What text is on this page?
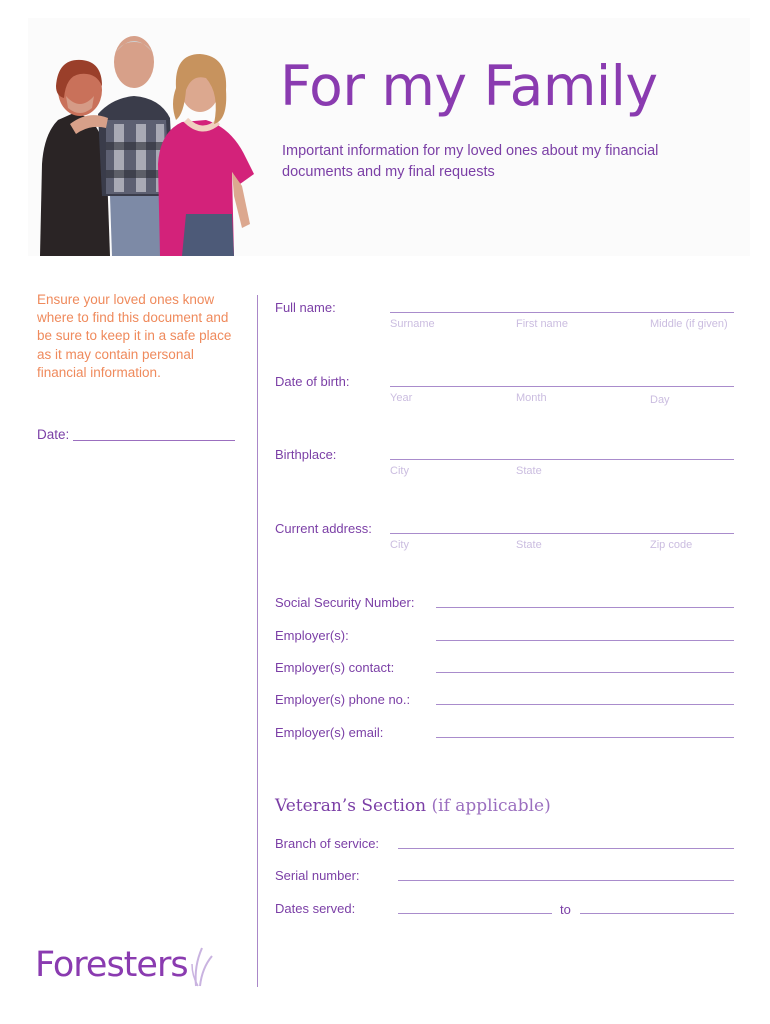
For my Family
Important information for my loved ones about my financial documents and my final requests
Ensure your loved ones know where to find this document and be sure to keep it in a safe place as it may contain personal financial information.
Date:
Full name:
Surname	First name	Middle (if given)
Date of birth:
Year	Month	Day
Birthplace:
City	State
Current address:
City	State	Zip code
Social Security Number:
Employer(s):
Employer(s) contact:
Employer(s) phone no.:
Employer(s) email:
Veteran’s Section (if applicable)
Branch of service:
Serial number:
Dates served:	to
Foresters
